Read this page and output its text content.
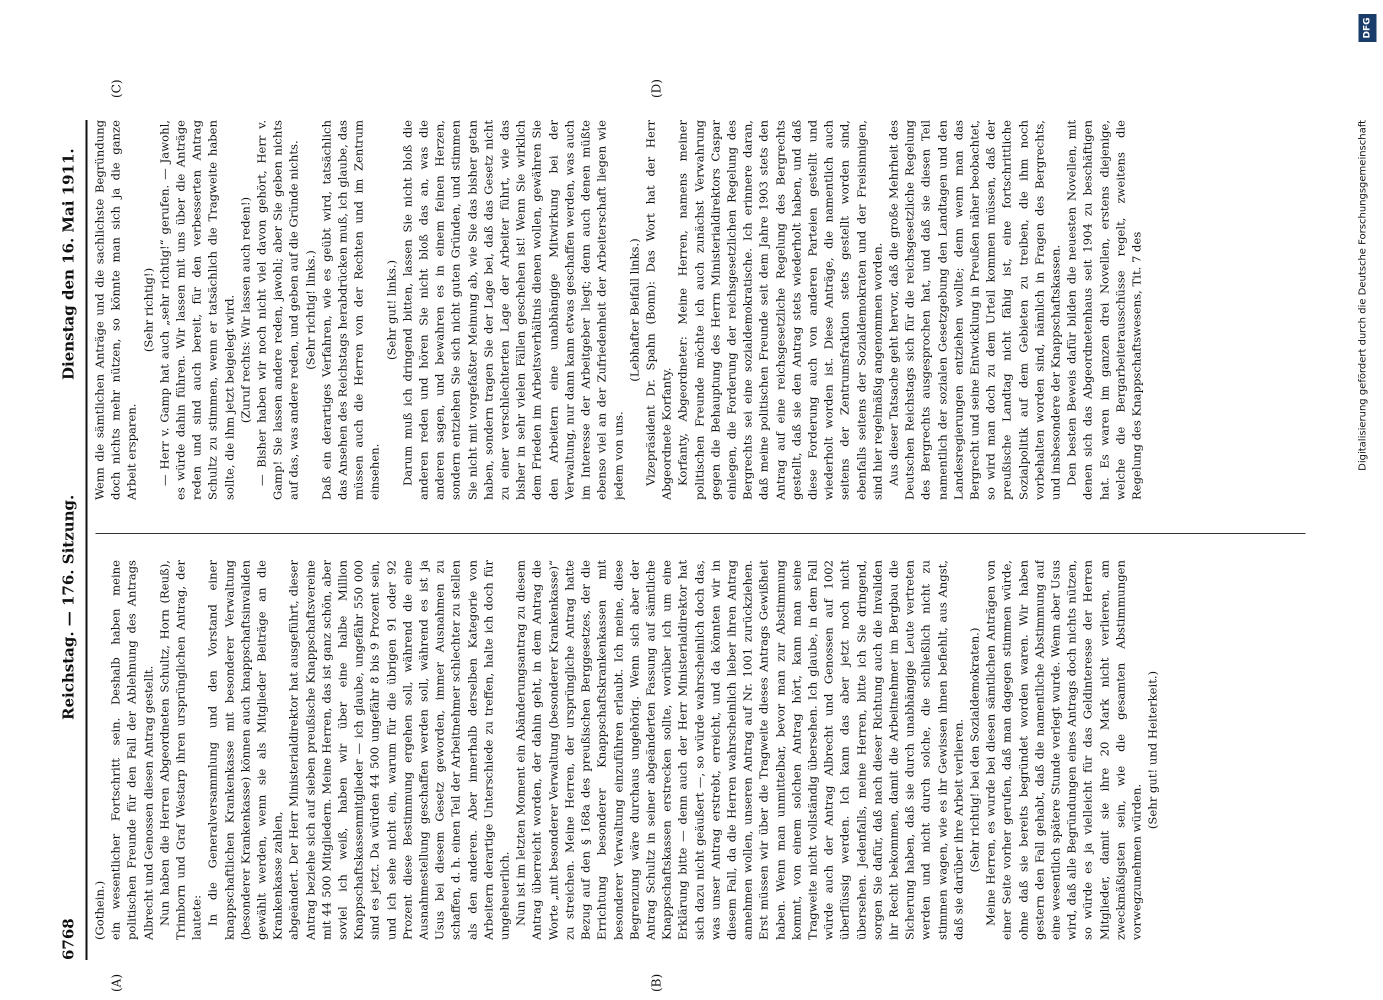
6768
Reichstag. — 176. Sitzung.
Dienstag den 16. Mai 1911.
(A)	(B)
(C)	(D)

(Gothein.) ein wesentlicher Fortschritt sein. Deshalb haben meine politischen Freunde für den Fall der Ablehnung des Antrags Albrecht und Genossen diesen Antrag gestellt. Nun haben die Herren Abgeordneten Schultz, Horn (Reuß), Trimborn und Graf Westarp ihren ursprünglichen Antrag, der lautete: In die Generalversammlung und den Vorstand einer knappschaftlichen Krankenkasse mit besonderer Verwaltung (besonderer Krankenkasse) können auch knappschaftsinvaliden gewählt werden, wenn sie als Mitglieder Beiträge an die Krankenkasse zahlen, abgeändert. Der Herr Ministerialdirektor hat ausgeführt, dieser Antrag beziehe sich auf sieben preußische Knappschaftsvereine mit 44 500 Mitgliedern. Meine Herren, das ist ganz schön, aber soviel ich weiß, haben wir über eine halbe Million Knappschaftskassenmitglieder — ich glaube, ungefähr 550 000 sind es jetzt. Da würden 44 500 ungefähr 8 bis 9 Prozent sein, und ich sehe nicht ein, warum für die übrigen 91 oder 92 Prozent diese Bestimmung ergehen soll, während die eine Ausnahmestellung geschaffen werden soll, während es ist ja Usus bei diesem Gesetz geworden, immer Ausnahmen zu schaffen, d. h. einen Teil der Arbeitnehmer schlechter zu stellen als den anderen. Aber innerhalb derselben Kategorie von Arbeitern derartige Unterschiede zu treffen, halte ich doch für ungeheuerlich. Nun ist im letzten Moment ein Abänderungsantrag zu diesem Antrag überreicht worden, der dahin geht, in dem Antrag die Worte „mit besonderer Verwaltung (besonderer Krankenkasse)“ zu streichen. Meine Herren, der ursprüngliche Antrag hatte Bezug auf den § 168a des preußischen Berggesetzes, der die Errichtung besonderer Knappschaftskrankenkassen mit besonderer Verwaltung einzuführen erlaubt. Ich meine, diese Begrenzung wäre durchaus ungehörig. Wenn sich aber der Antrag Schultz in seiner abgeänderten Fassung auf sämtliche Knappschaftskassen erstrecken sollte, worüber ich um eine Erklärung bitte — denn auch der Herr Ministerialdirektor hat sich dazu nicht geäußert —, so würde wahrscheinlich doch das, was unser Antrag erstrebt, erreicht, und da könnten wir in diesem Fall, da die Herren wahrscheinlich lieber ihren Antrag annehmen wollen, unseren Antrag auf Nr. 1001 zurückziehen. Erst müssen wir über die Tragweite dieses Antrags Gewißheit haben. Wenn man unmittelbar, bevor man zur Abstimmung kommt, von einem solchen Antrag hört, kann man seine Tragweite nicht vollständig übersehen. Ich glaube, in dem Fall würde auch der Antrag Albrecht und Genossen auf 1002 überflüssig werden. Ich kann das aber jetzt noch nicht übersehen. Jedenfalls, meine Herren, bitte ich Sie dringend, sorgen Sie dafür, daß nach dieser Richtung auch die Invaliden ihr Recht bekommen, damit die Arbeitnehmer im Bergbau die Sicherung haben, daß sie durch unabhängige Leute vertreten werden und nicht durch solche, die schließlich nicht zu stimmen wagen, wie es ihr Gewissen ihnen befiehlt, aus Angst, daß sie darüber ihre Arbeit verlieren. (Sehr richtig! bei den Sozialdemokraten.) Meine Herren, es wurde bei diesen sämtlichen Anträgen von einer Seite vorher gerufen, daß man dagegen stimmen würde, ohne daß sie bereits begründet worden waren. Wir haben gestern den Fall gehabt, daß die namentliche Abstimmung auf eine wesentlich spätere Stunde verlegt wurde. Wenn aber Usus wird, daß alle Begründungen eines Antrags doch nichts nützen, so würde es ja vielleicht für das Geldinteresse der Herren Mitglieder, damit sie ihre 20 Mark nicht verlieren, am zweckmäßigsten sein, wie die gesamten Abstimmungen vorwegzunehmen würden.

(Sehr gut! und Heiterkeit.)

Wenn die sämtlichen Anträge und die sachlichste Begründung doch nichts mehr nützen, so könnte man sich ja die ganze Arbeit ersparen.

(Sehr richtig!) — Herr v. Gamp hat auch „sehr richtig!“ gerufen. — Jawohl, es würde dahin führen. Wir lassen mit uns über die Anträge reden und sind auch bereit, für den verbesserten Antrag Schultz zu stimmen, wenn er tatsächlich die Tragweite haben sollte, die ihm jetzt beigelegt wird. (Zuruf rechts: Wir lassen auch reden!) — Bisher haben wir noch nicht viel davon gehört, Herr v. Gamp! Sie lassen andere reden, jawohl; aber Sie geben nichts auf das, was andere reden, und geben auf die Gründe nichts. (Sehr richtig! links.) Daß ein derartiges Verfahren, wie es geübt wird, tatsächlich das Ansehen des Reichstags herabdrücken muß, ich glaube, das müssen auch die Herren von der Rechten und im Zentrum einsehen.

(Sehr gut! links.) Darum muß ich dringend bitten, lassen Sie nicht bloß die anderen reden und hören Sie nicht bloß das an, was die anderen sagen, und bewahren es in einem feinen Herzen, sondern entziehen Sie sich nicht guten Gründen, und stimmen Sie nicht mit vorgefaßter Meinung ab, wie Sie das bisher getan haben, sondern tragen Sie der Lage bei, daß das Gesetz nicht zu einer verschlechterten Lage der Arbeiter führt, wie das bisher in sehr vielen Fällen geschehen ist! Wenn Sie wirklich dem Frieden im Arbeitsverhältnis dienen wollen, gewähren Sie den Arbeitern eine unabhängige Mitwirkung bei der Verwaltung, nur dann kann etwas geschaffen werden, was auch im Interesse der Arbeitgeber liegt; denn auch denen müßte ebenso viel an der Zufriedenheit der Arbeiterschaft liegen wie jedem von uns.

(Lebhafter Beifall links.) Vizepräsident Dr. Spahn (Bonn): Das Wort hat der Herr Abgeordnete Korfanty. Korfanty, Abgeordneter: Meine Herren, namens meiner politischen Freunde möchte ich auch zunächst Verwahrung gegen die Behauptung des Herrn Ministerialdirektors Caspar einlegen, die Forderung der reichsgesetzlichen Regelung des Bergrechts sei eine sozialdemokratische. Ich erinnere daran, daß meine politischen Freunde seit dem Jahre 1903 stets den Antrag auf eine reichsgesetzliche Regelung des Bergrechts gestellt, daß sie den Antrag stets wiederholt haben, und daß diese Forderung auch von anderen Parteien gestellt und wiederholt worden ist. Diese Anträge, die namentlich auch seitens der Zentrumsfraktion stets gestellt worden sind, ebenfalls seitens der Sozialdemokraten und der Freisinnigen, sind hier regelmäßig angenommen worden. Aus dieser Tatsache geht hervor, daß die große Mehrheit des Deutschen Reichstags sich für die reichsgesetzliche Regelung des Bergrechts ausgesprochen hat, und daß sie diesen Teil namentlich der sozialen Gesetzgebung den Landtagen und den Landesregierungen entziehen wollte; denn wenn man das Bergrecht und seine Entwicklung in Preußen näher beobachtet, so wird man doch zu dem Urteil kommen müssen, daß der preußische Landtag nicht fähig ist, eine fortschrittliche Sozialpolitik auf dem Gebieten zu treiben, die ihm noch vorbehalten worden sind, nämlich in Fragen des Bergrechts, und insbesondere der Knappschaftskassen. Den besten Beweis dafür bilden die neuesten Novellen, mit denen sich das Abgeordnetenhaus seit 1904 zu beschäftigen hat. Es waren im ganzen drei Novellen, erstens diejenige, welche die Bergarbeiterausschüsse regelt, zweitens die Regelung des Knappschaftswesens, Tit. 7 des	Digitalisierung gefördert durch die Deutsche Forschungsgemeinschaft
DFG
